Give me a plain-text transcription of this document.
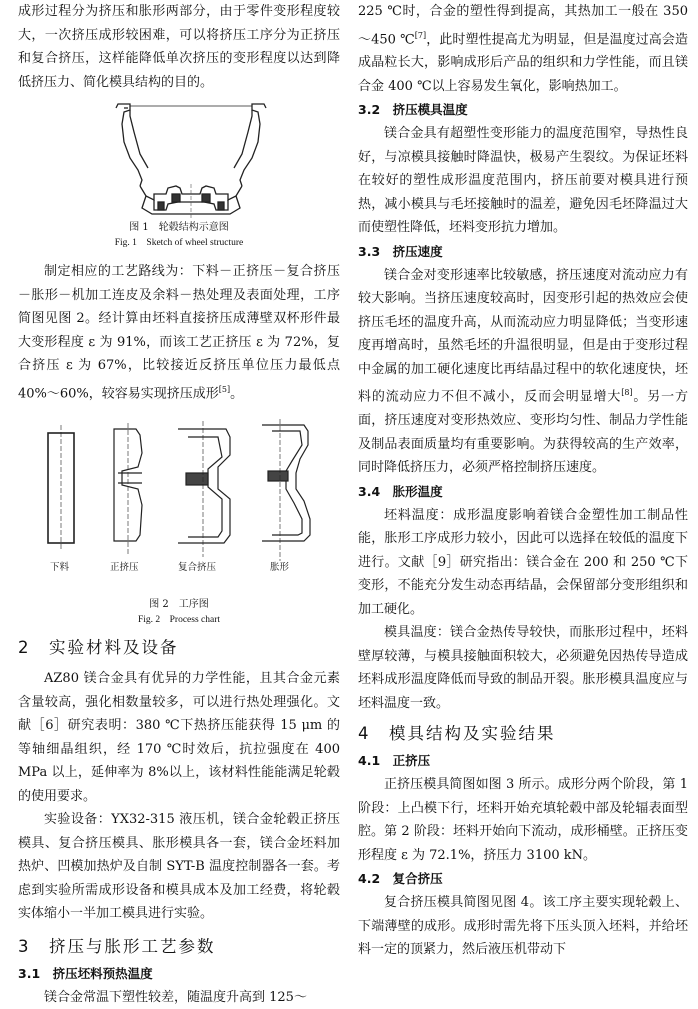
成形过程分为挤压和胀形两部分，由于零件变形程度较大，一次挤压成形较困难，可以将挤压工序分为正挤压和复合挤压，这样能降低单次挤压的变形程度以达到降低挤压力、简化模具结构的目的。

图 1　轮毂结构示意图
Fig. 1　Sketch of wheel structure

制定相应的工艺路线为：下料－正挤压－复合挤压－胀形－机加工连皮及余料－热处理及表面处理，工序简图见图 2。经计算由坯料直接挤压成薄壁双杯形件最大变形程度 ε 为 91%，而该工艺正挤压 ε 为 72%，复合挤压 ε 为 67%，比较接近反挤压单位压力最低点 40%～60%，较容易实现挤压成形[5]。

下料	正挤压	复合挤压	胀形
图 2　工序图
Fig. 2　Process chart
2　实验材料及设备

AZ80 镁合金具有优异的力学性能，且其合金元素含量较高，强化相数量较多，可以进行热处理强化。文献［6］研究表明：380 ℃下热挤压能获得 15 μm 的等轴细晶组织，经 170 ℃时效后，抗拉强度在 400 MPa 以上，延伸率为 8%以上，该材料性能能满足轮毂的使用要求。

实验设备：YX32-315 液压机，镁合金轮毂正挤压模具、复合挤压模具、胀形模具各一套，镁合金坯料加热炉、凹模加热炉及自制 SYT-B 温度控制器各一套。考虑到实验所需成形设备和模具成本及加工经费，将轮毂实体缩小一半加工模具进行实验。

3　挤压与胀形工艺参数
3.1　挤压坯料预热温度

镁合金常温下塑性较差，随温度升高到 125～

225 ℃时，合金的塑性得到提高，其热加工一般在 350～450 ℃[7]，此时塑性提高尤为明显，但是温度过高会造成晶粒长大，影响成形后产品的组织和力学性能，而且镁合金 400 ℃以上容易发生氧化，影响热加工。

3.2　挤压模具温度

镁合金具有超塑性变形能力的温度范围窄，导热性良好，与凉模具接触时降温快，极易产生裂纹。为保证坯料在较好的塑性成形温度范围内，挤压前要对模具进行预热，减小模具与毛坯接触时的温差，避免因毛坯降温过大而使塑性降低，坯料变形抗力增加。

3.3　挤压速度

镁合金对变形速率比较敏感，挤压速度对流动应力有较大影响。当挤压速度较高时，因变形引起的热效应会使挤压毛坯的温度升高，从而流动应力明显降低；当变形速度再增高时，虽然毛坯的升温很明显，但是由于变形过程中金属的加工硬化速度比再结晶过程中的软化速度快，坯料的流动应力不但不减小，反而会明显增大[8]。另一方面，挤压速度对变形热效应、变形均匀性、制品力学性能及制品表面质量均有重要影响。为获得较高的生产效率，同时降低挤压力，必须严格控制挤压速度。

3.4　胀形温度

坯料温度：成形温度影响着镁合金塑性加工制品性能，胀形工序成形力较小，因此可以选择在较低的温度下进行。文献［9］研究指出：镁合金在 200 和 250 ℃下变形，不能充分发生动态再结晶，会保留部分变形组织和加工硬化。

模具温度：镁合金热传导较快，而胀形过程中，坯料壁厚较薄，与模具接触面积较大，必须避免因热传导造成坯料成形温度降低而导致的制品开裂。胀形模具温度应与坯料温度一致。

4　模具结构及实验结果
4.1　正挤压

正挤压模具简图如图 3 所示。成形分两个阶段，第 1 阶段：上凸模下行，坯料开始充填轮毂中部及轮辐表面型腔。第 2 阶段：坯料开始向下流动，成形桶壁。正挤压变形程度 ε 为 72.1%，挤压力 3100 kN。

4.2　复合挤压

复合挤压模具简图见图 4。该工序主要实现轮毂上、下端薄壁的成形。成形时需先将下压头顶入坯料，并给坯料一定的顶紧力，然后液压机带动下
